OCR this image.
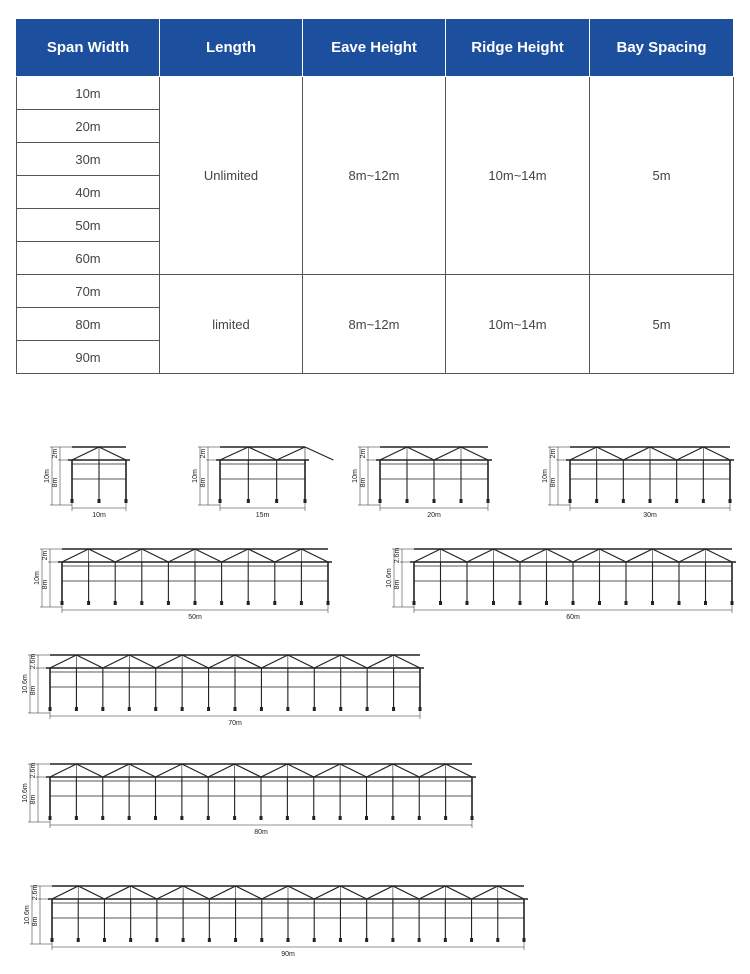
Span Width	Length	Eave Height	Ridge Height	Bay Spacing
10m	Unlimited	8m~12m	10m~14m	5m
20m				
30m				
40m				
50m				
60m				
70m	limited	8m~12m	10m~14m	5m
80m				
90m				
10m
10m 8m
2m
15m
10m 8m
2m
20m
10m 8m
2m
30m
10m 8m
2m
50m
10m 8m
2m
60m
10.6m 8m
2.6m
70m
10.6m 8m
2.6m
80m
10.6m 8m
2.6m
90m
10.6m 8m
2.6m
